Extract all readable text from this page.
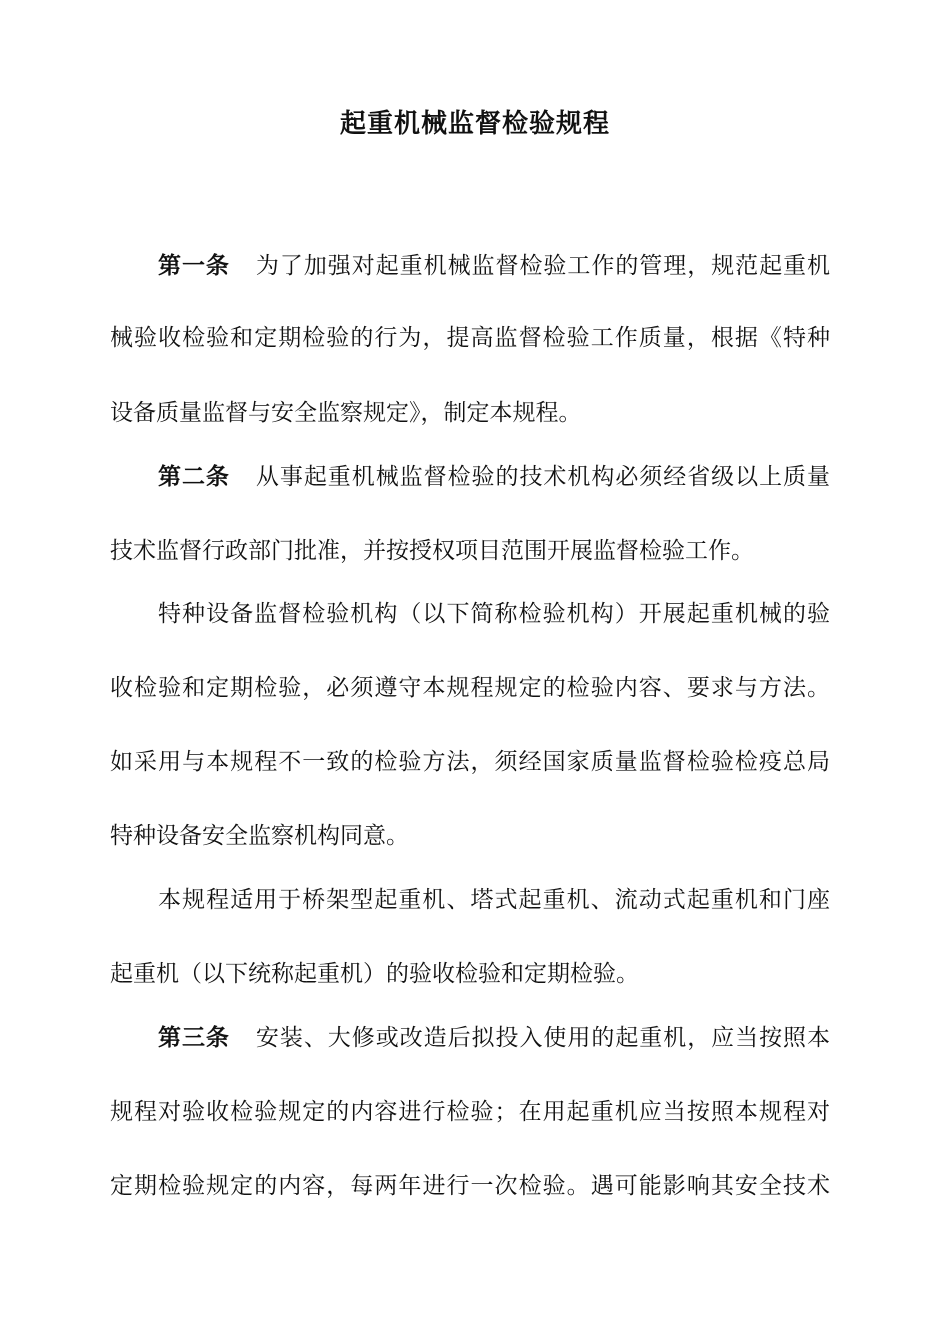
起重机械监督检验规程

第一条 为了加强对起重机械监督检验工作的管理，规范起重机

械验收检验和定期检验的行为，提高监督检验工作质量，根据《特种

设备质量监督与安全监察规定》，制定本规程。

第二条 从事起重机械监督检验的技术机构必须经省级以上质量

技术监督行政部门批准，并按授权项目范围开展监督检验工作。

特种设备监督检验机构（以下简称检验机构）开展起重机械的验

收检验和定期检验，必须遵守本规程规定的检验内容、要求与方法。

如采用与本规程不一致的检验方法，须经国家质量监督检验检疫总局

特种设备安全监察机构同意。

本规程适用于桥架型起重机、塔式起重机、流动式起重机和门座

起重机（以下统称起重机）的验收检验和定期检验。

第三条 安装、大修或改造后拟投入使用的起重机，应当按照本

规程对验收检验规定的内容进行检验；在用起重机应当按照本规程对

定期检验规定的内容，每两年进行一次检验。遇可能影响其安全技术
